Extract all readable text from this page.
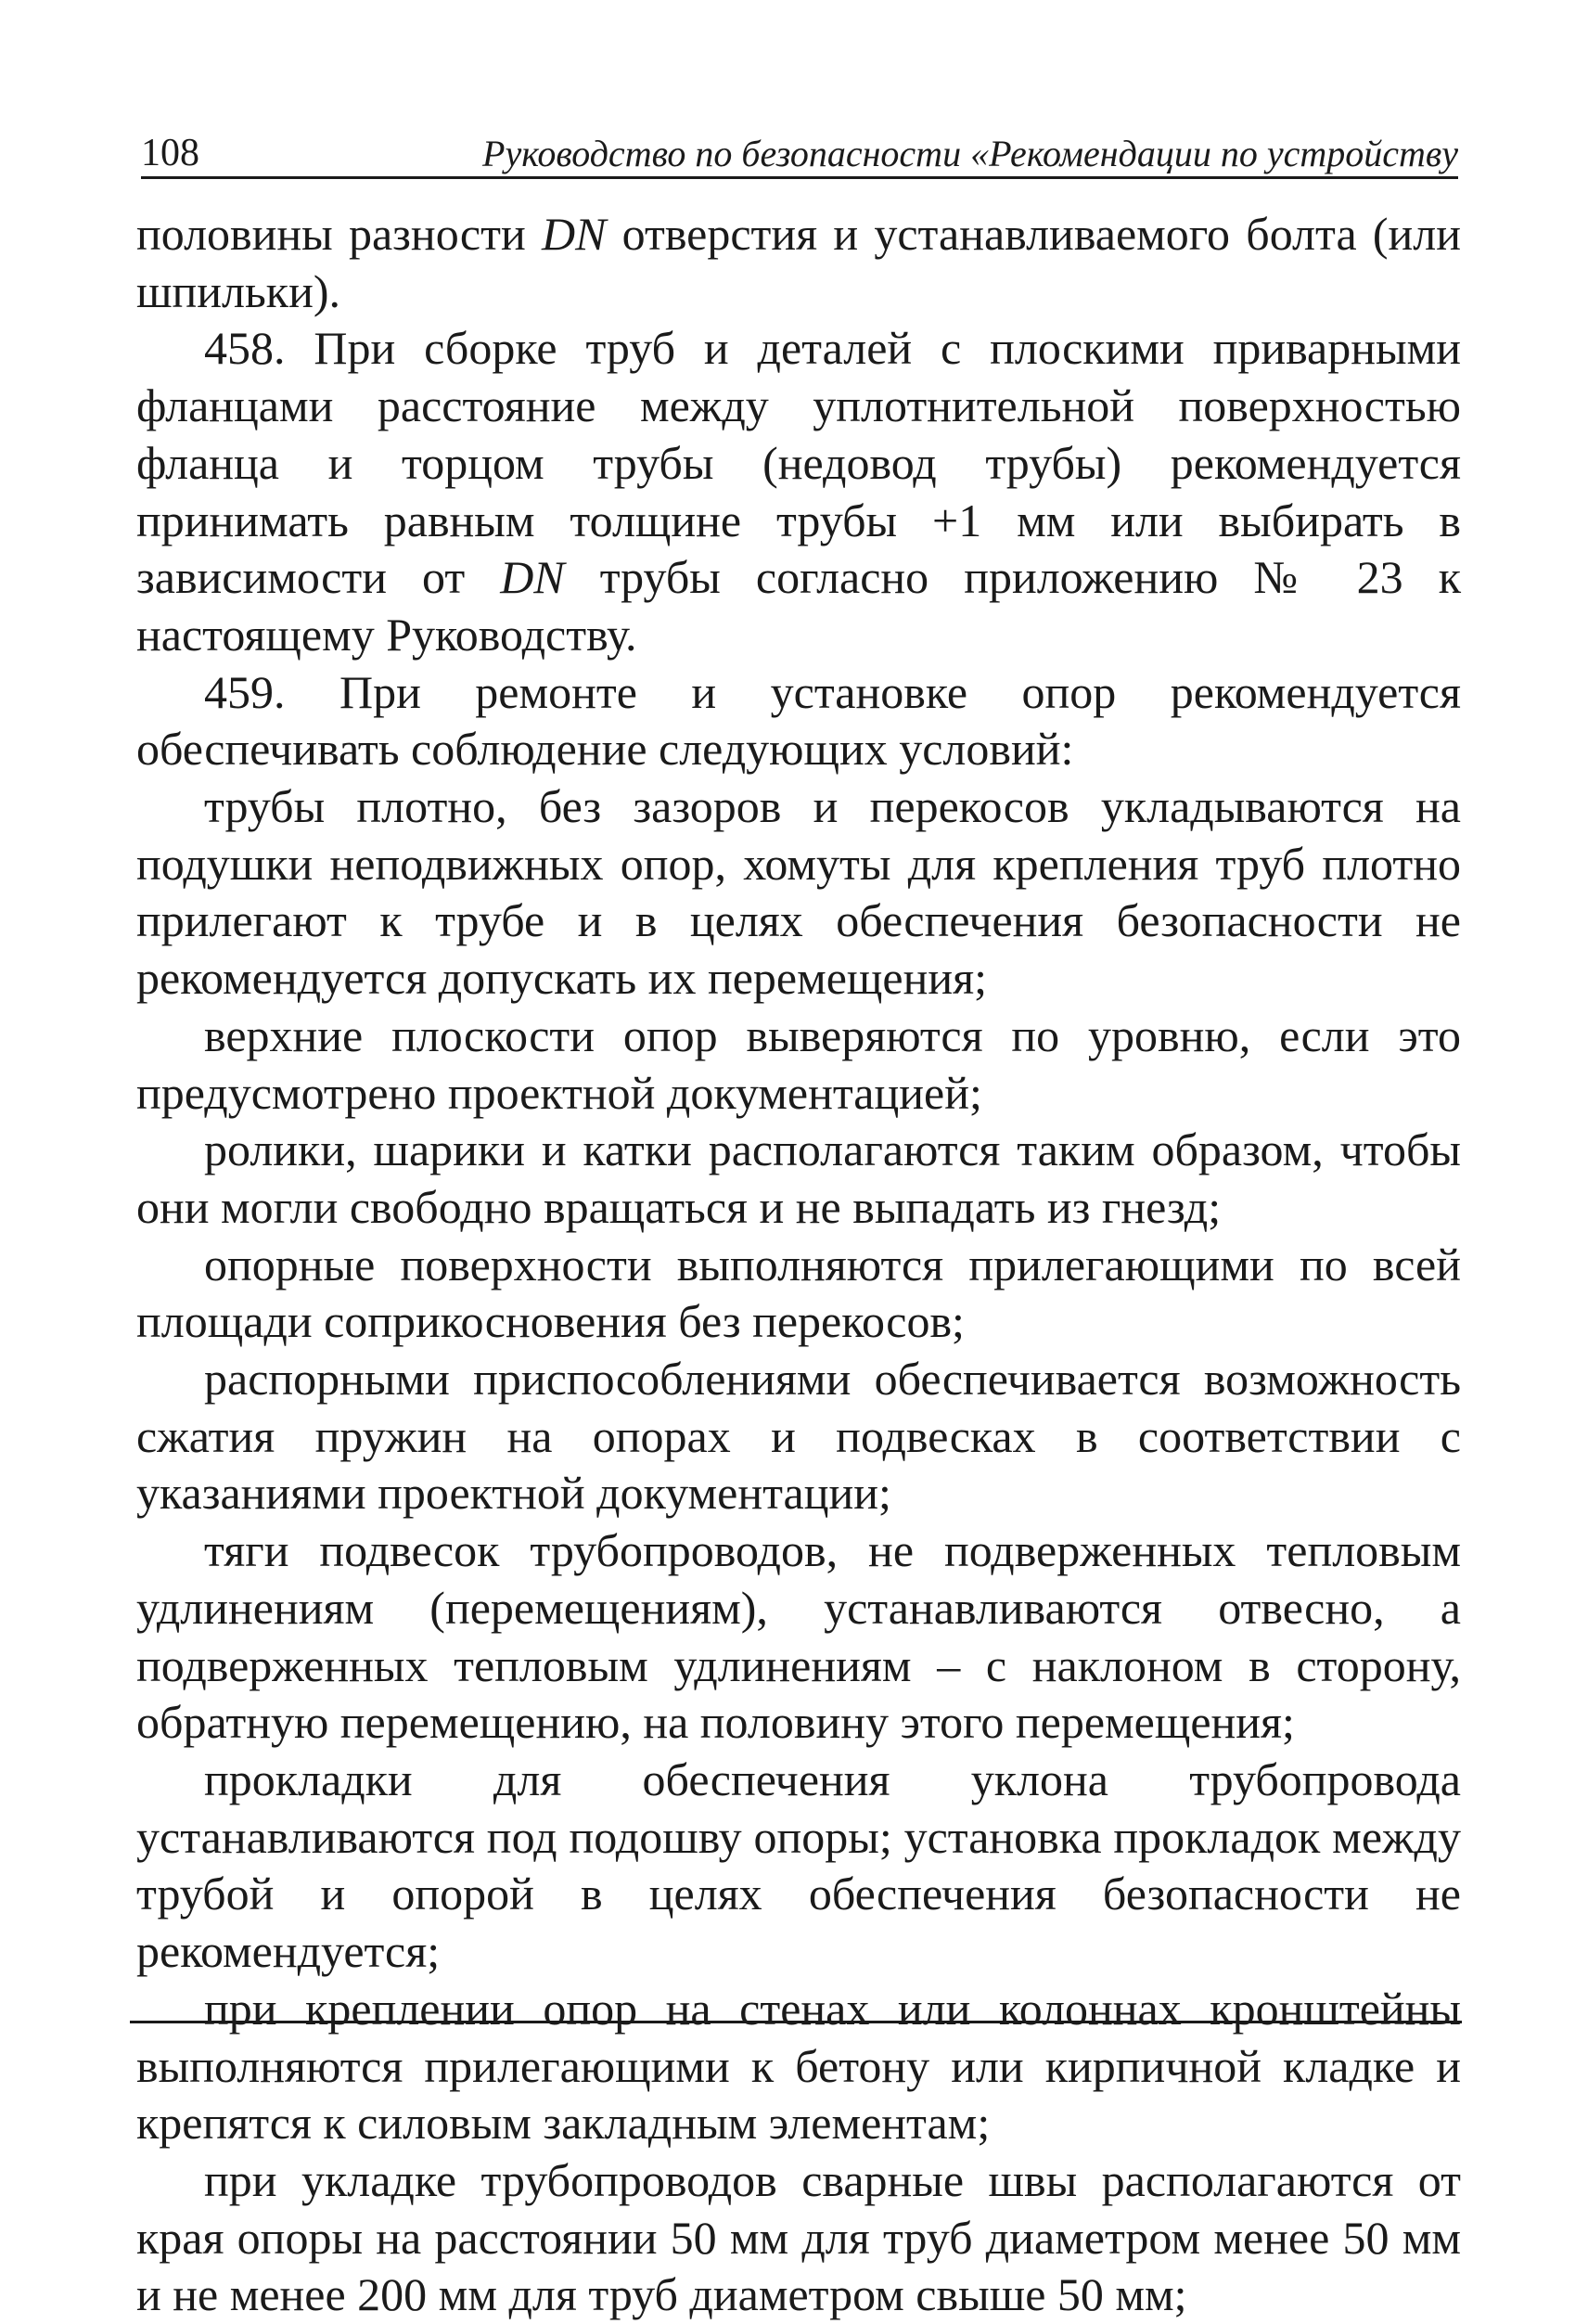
108	Руководство по безопасности «Рекомендации по устройству

половины разности DN отверстия и устанавливаемого болта (или шпильки).

458. При сборке труб и деталей с плоскими приварными фланцами расстояние между уплотнительной поверхностью фланца и торцом трубы (недовод трубы) рекомендуется принимать равным толщине трубы +1 мм или выбирать в зависимости от DN трубы согласно приложению № 23 к настоящему Руководству.

459. При ремонте и установке опор рекомендуется обеспечивать соблюдение следующих условий:

трубы плотно, без зазоров и перекосов укладываются на подушки неподвижных опор, хомуты для крепления труб плотно прилегают к трубе и в целях обеспечения безопасности не рекомендуется допускать их перемещения;

верхние плоскости опор выверяются по уровню, если это предусмотрено проектной документацией;

ролики, шарики и катки располагаются таким образом, чтобы они могли свободно вращаться и не выпадать из гнезд;

опорные поверхности выполняются прилегающими по всей площади соприкосновения без перекосов;

распорными приспособлениями обеспечивается возможность сжатия пружин на опорах и подвесках в соответствии с указаниями проектной документации;

тяги подвесок трубопроводов, не подверженных тепловым удлинениям (перемещениям), устанавливаются отвесно, а подверженных тепловым удлинениям – с наклоном в сторону, обратную перемещению, на половину этого перемещения;

прокладки для обеспечения уклона трубопровода устанавливаются под подошву опоры; установка прокладок между трубой и опорой в целях обеспечения безопасности не рекомендуется;

при креплении опор на стенах или колоннах кронштейны выполняются прилегающими к бетону или кирпичной кладке и крепятся к силовым закладным элементам;

при укладке трубопроводов сварные швы располагаются от края опоры на расстоянии 50 мм для труб диаметром менее 50 мм и не менее 200 мм для труб диаметром свыше 50 мм;
